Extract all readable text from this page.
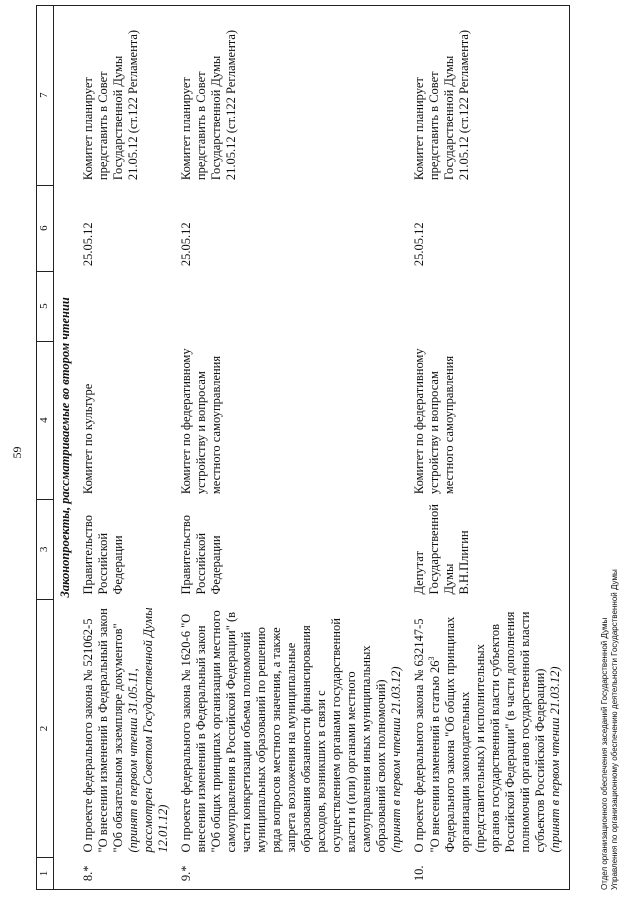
59
1	2	3	4	5	6	7
Законопроекты, рассматриваемые во втором чтении						
8.*	О проекте федерального закона № 521062-5 "О внесении изменений в Федеральный закон "Об обязательном экземпляре документов" (принят в первом чтении 31.05.11, рассмотрен Советом Государственной Думы 12.01.12)	Правительство Российской Федерации	Комитет по культуре		25.05.12	Комитет планирует представить в Совет Государственной Думы 21.05.12 (ст.122 Регламента)
9.*	О проекте федерального закона № 1620-6 "О внесении изменений в Федеральный закон "Об общих принципах организации местного самоуправления в Российской Федерации" (в части конкретизации объема полномочий муниципальных образований по решению ряда вопросов местного значения, а также запрета возложения на муниципальные образования обязанности финансирования расходов, возникших в связи с осуществлением органами государственной власти и (или) органами местного самоуправления иных муниципальных образований своих полномочий) (принят в первом чтении 21.03.12)	Правительство Российской Федерации	Комитет по федеративному устройству и вопросам местного самоуправления		25.05.12	Комитет планирует представить в Совет Государственной Думы 21.05.12 (ст.122 Регламента)
10.	О проекте федерального закона № 632147-5 "О внесении изменений в статью $26^3$ Федерального закона "Об общих принципах организации законодательных (представительных) и исполнительных органов государственной власти субъектов Российской Федерации" (в части дополнения полномочий органов государственной власти субъектов Российской Федерации) (принят в первом чтении 21.03.12)	Депутат Государственной Думы В.Н.Плигин	Комитет по федеративному устройству и вопросам местного самоуправления		25.05.12	Комитет планирует представить в Совет Государственной Думы 21.05.12 (ст.122 Регламента)
Отдел организационного обеспечения заседаний Государственной Думы Управления по организационному обеспечению деятельности Государственной Думы
